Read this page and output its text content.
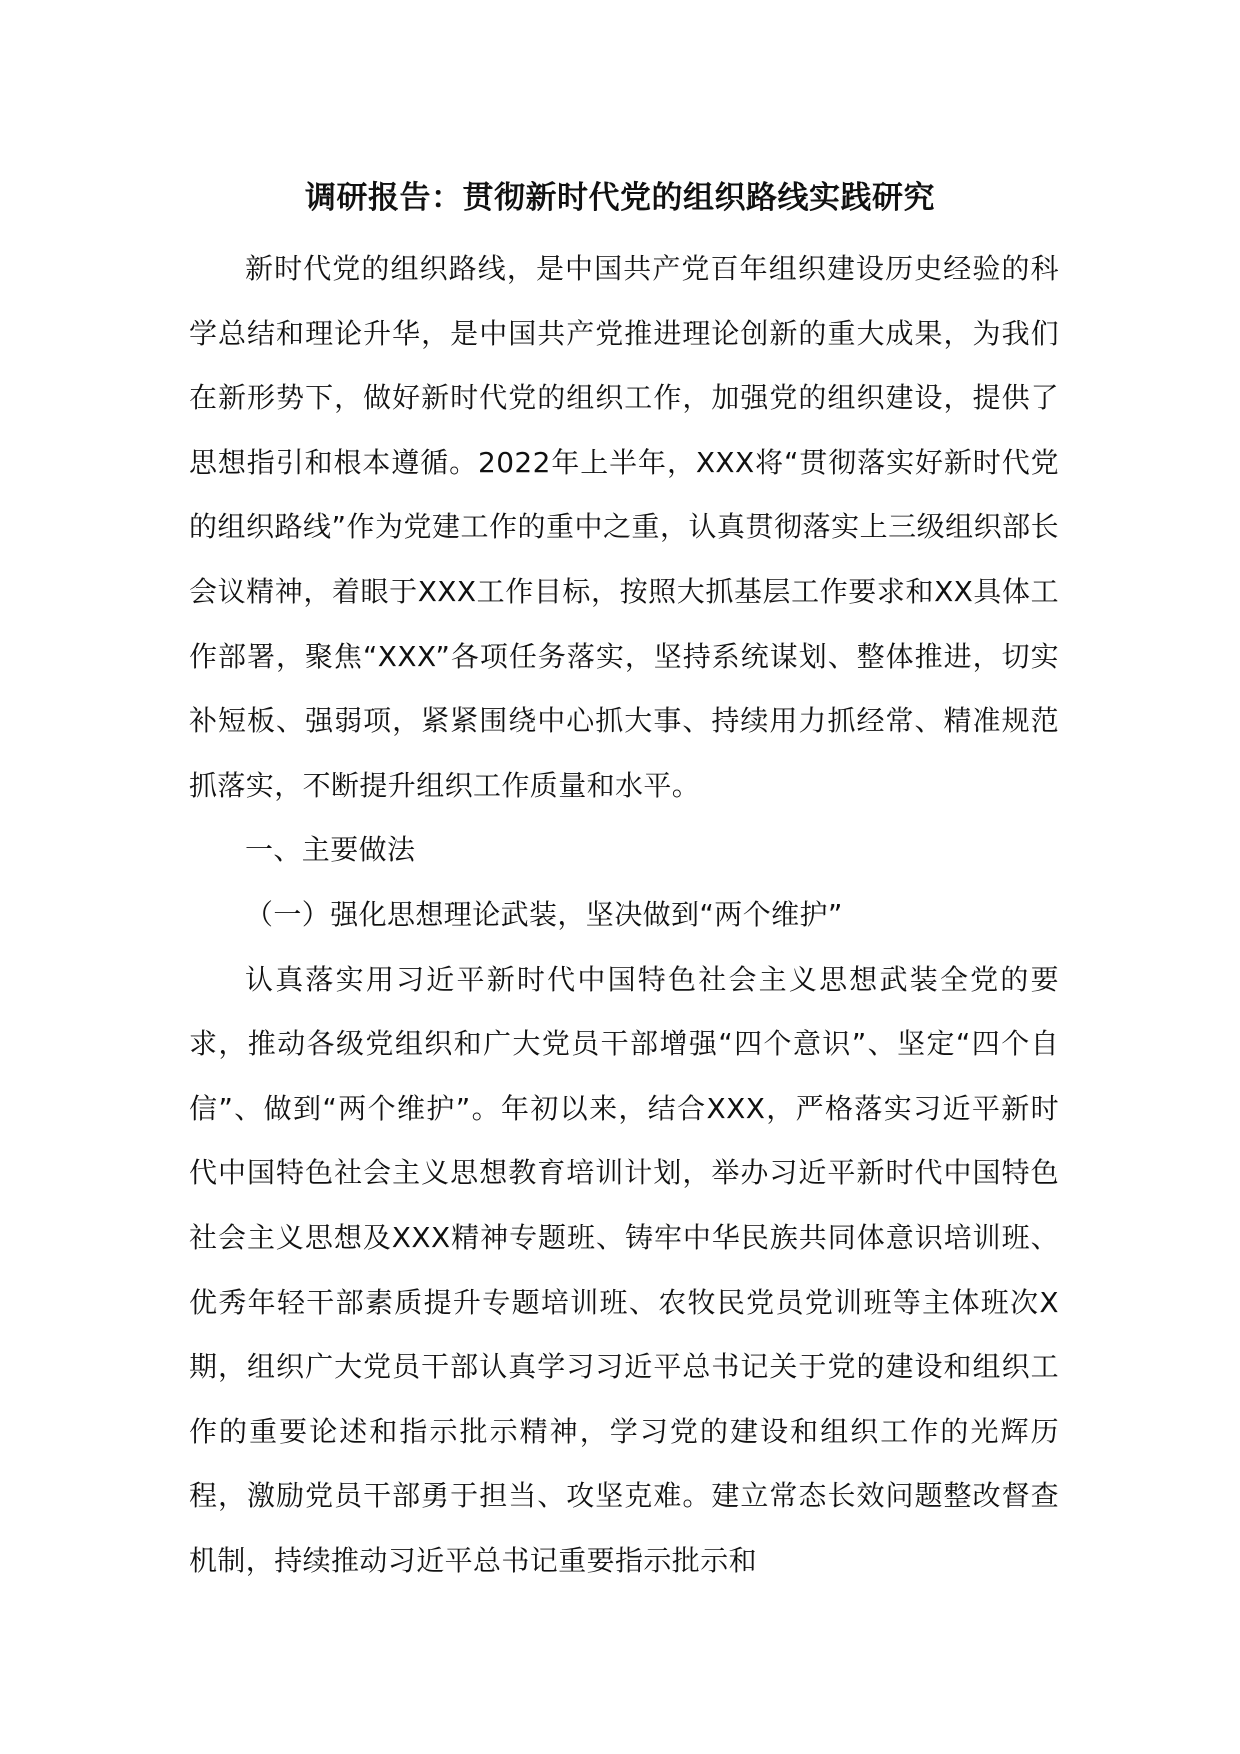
调研报告：贯彻新时代党的组织路线实践研究

新时代党的组织路线，是中国共产党百年组织建设历史经验的科学总结和理论升华，是中国共产党推进理论创新的重大成果，为我们在新形势下，做好新时代党的组织工作，加强党的组织建设，提供了思想指引和根本遵循。2022年上半年，XXX将“贯彻落实好新时代党的组织路线”作为党建工作的重中之重，认真贯彻落实上三级组织部长会议精神，着眼于XXX工作目标，按照大抓基层工作要求和XX具体工作部署，聚焦“XXX”各项任务落实，坚持系统谋划、整体推进，切实补短板、强弱项，紧紧围绕中心抓大事、持续用力抓经常、精准规范抓落实，不断提升组织工作质量和水平。

一、主要做法

（一）强化思想理论武装，坚决做到“两个维护”

认真落实用习近平新时代中国特色社会主义思想武装全党的要求，推动各级党组织和广大党员干部增强“四个意识”、坚定“四个自信”、做到“两个维护”。年初以来，结合XXX，严格落实习近平新时代中国特色社会主义思想教育培训计划，举办习近平新时代中国特色社会主义思想及XXX精神专题班、铸牢中华民族共同体意识培训班、优秀年轻干部素质提升专题培训班、农牧民党员党训班等主体班次X期，组织广大党员干部认真学习习近平总书记关于党的建设和组织工作的重要论述和指示批示精神，学习党的建设和组织工作的光辉历程，激励党员干部勇于担当、攻坚克难。建立常态长效问题整改督查机制，持续推动习近平总书记重要指示批示和
